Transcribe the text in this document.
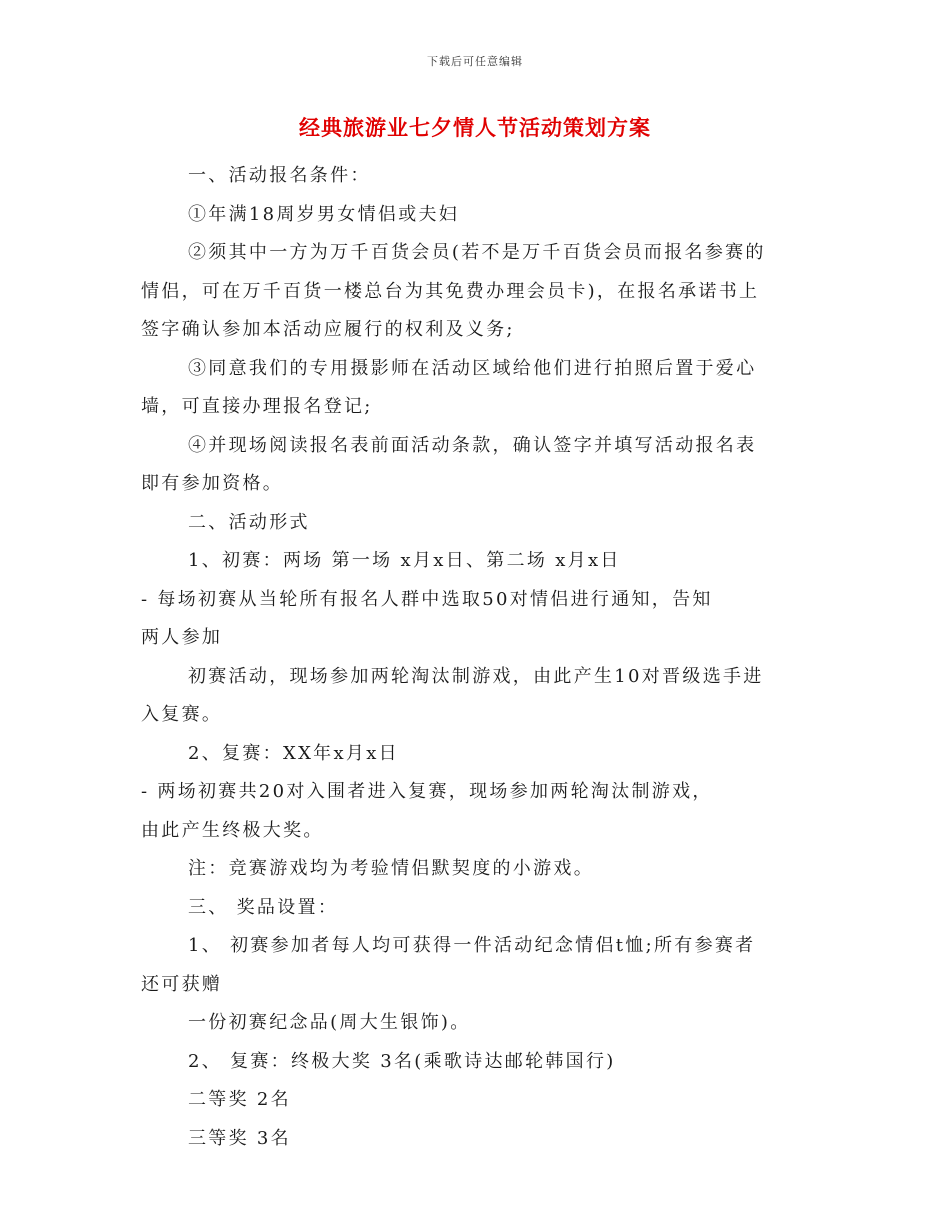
下载后可任意编辑
经典旅游业七夕情人节活动策划方案
一、活动报名条件：
①年满18周岁男女情侣或夫妇
②须其中一方为万千百货会员(若不是万千百货会员而报名参赛的
情侣，可在万千百货一楼总台为其免费办理会员卡)，在报名承诺书上
签字确认参加本活动应履行的权利及义务;
③同意我们的专用摄影师在活动区域给他们进行拍照后置于爱心
墙，可直接办理报名登记;
④并现场阅读报名表前面活动条款，确认签字并填写活动报名表
即有参加资格。
二、活动形式
1、初赛：两场 第一场 x月x日、第二场 x月x日
- 每场初赛从当轮所有报名人群中选取50对情侣进行通知，告知
两人参加
初赛活动，现场参加两轮淘汰制游戏，由此产生10对晋级选手进
入复赛。
2、复赛：XX年x月x日
- 两场初赛共20对入围者进入复赛，现场参加两轮淘汰制游戏，
由此产生终极大奖。
注：竞赛游戏均为考验情侣默契度的小游戏。
三、 奖品设置：
1、 初赛参加者每人均可获得一件活动纪念情侣t恤;所有参赛者
还可获赠
一份初赛纪念品(周大生银饰)。
2、 复赛：终极大奖 3名(乘歌诗达邮轮韩国行)
二等奖 2名
三等奖 3名
